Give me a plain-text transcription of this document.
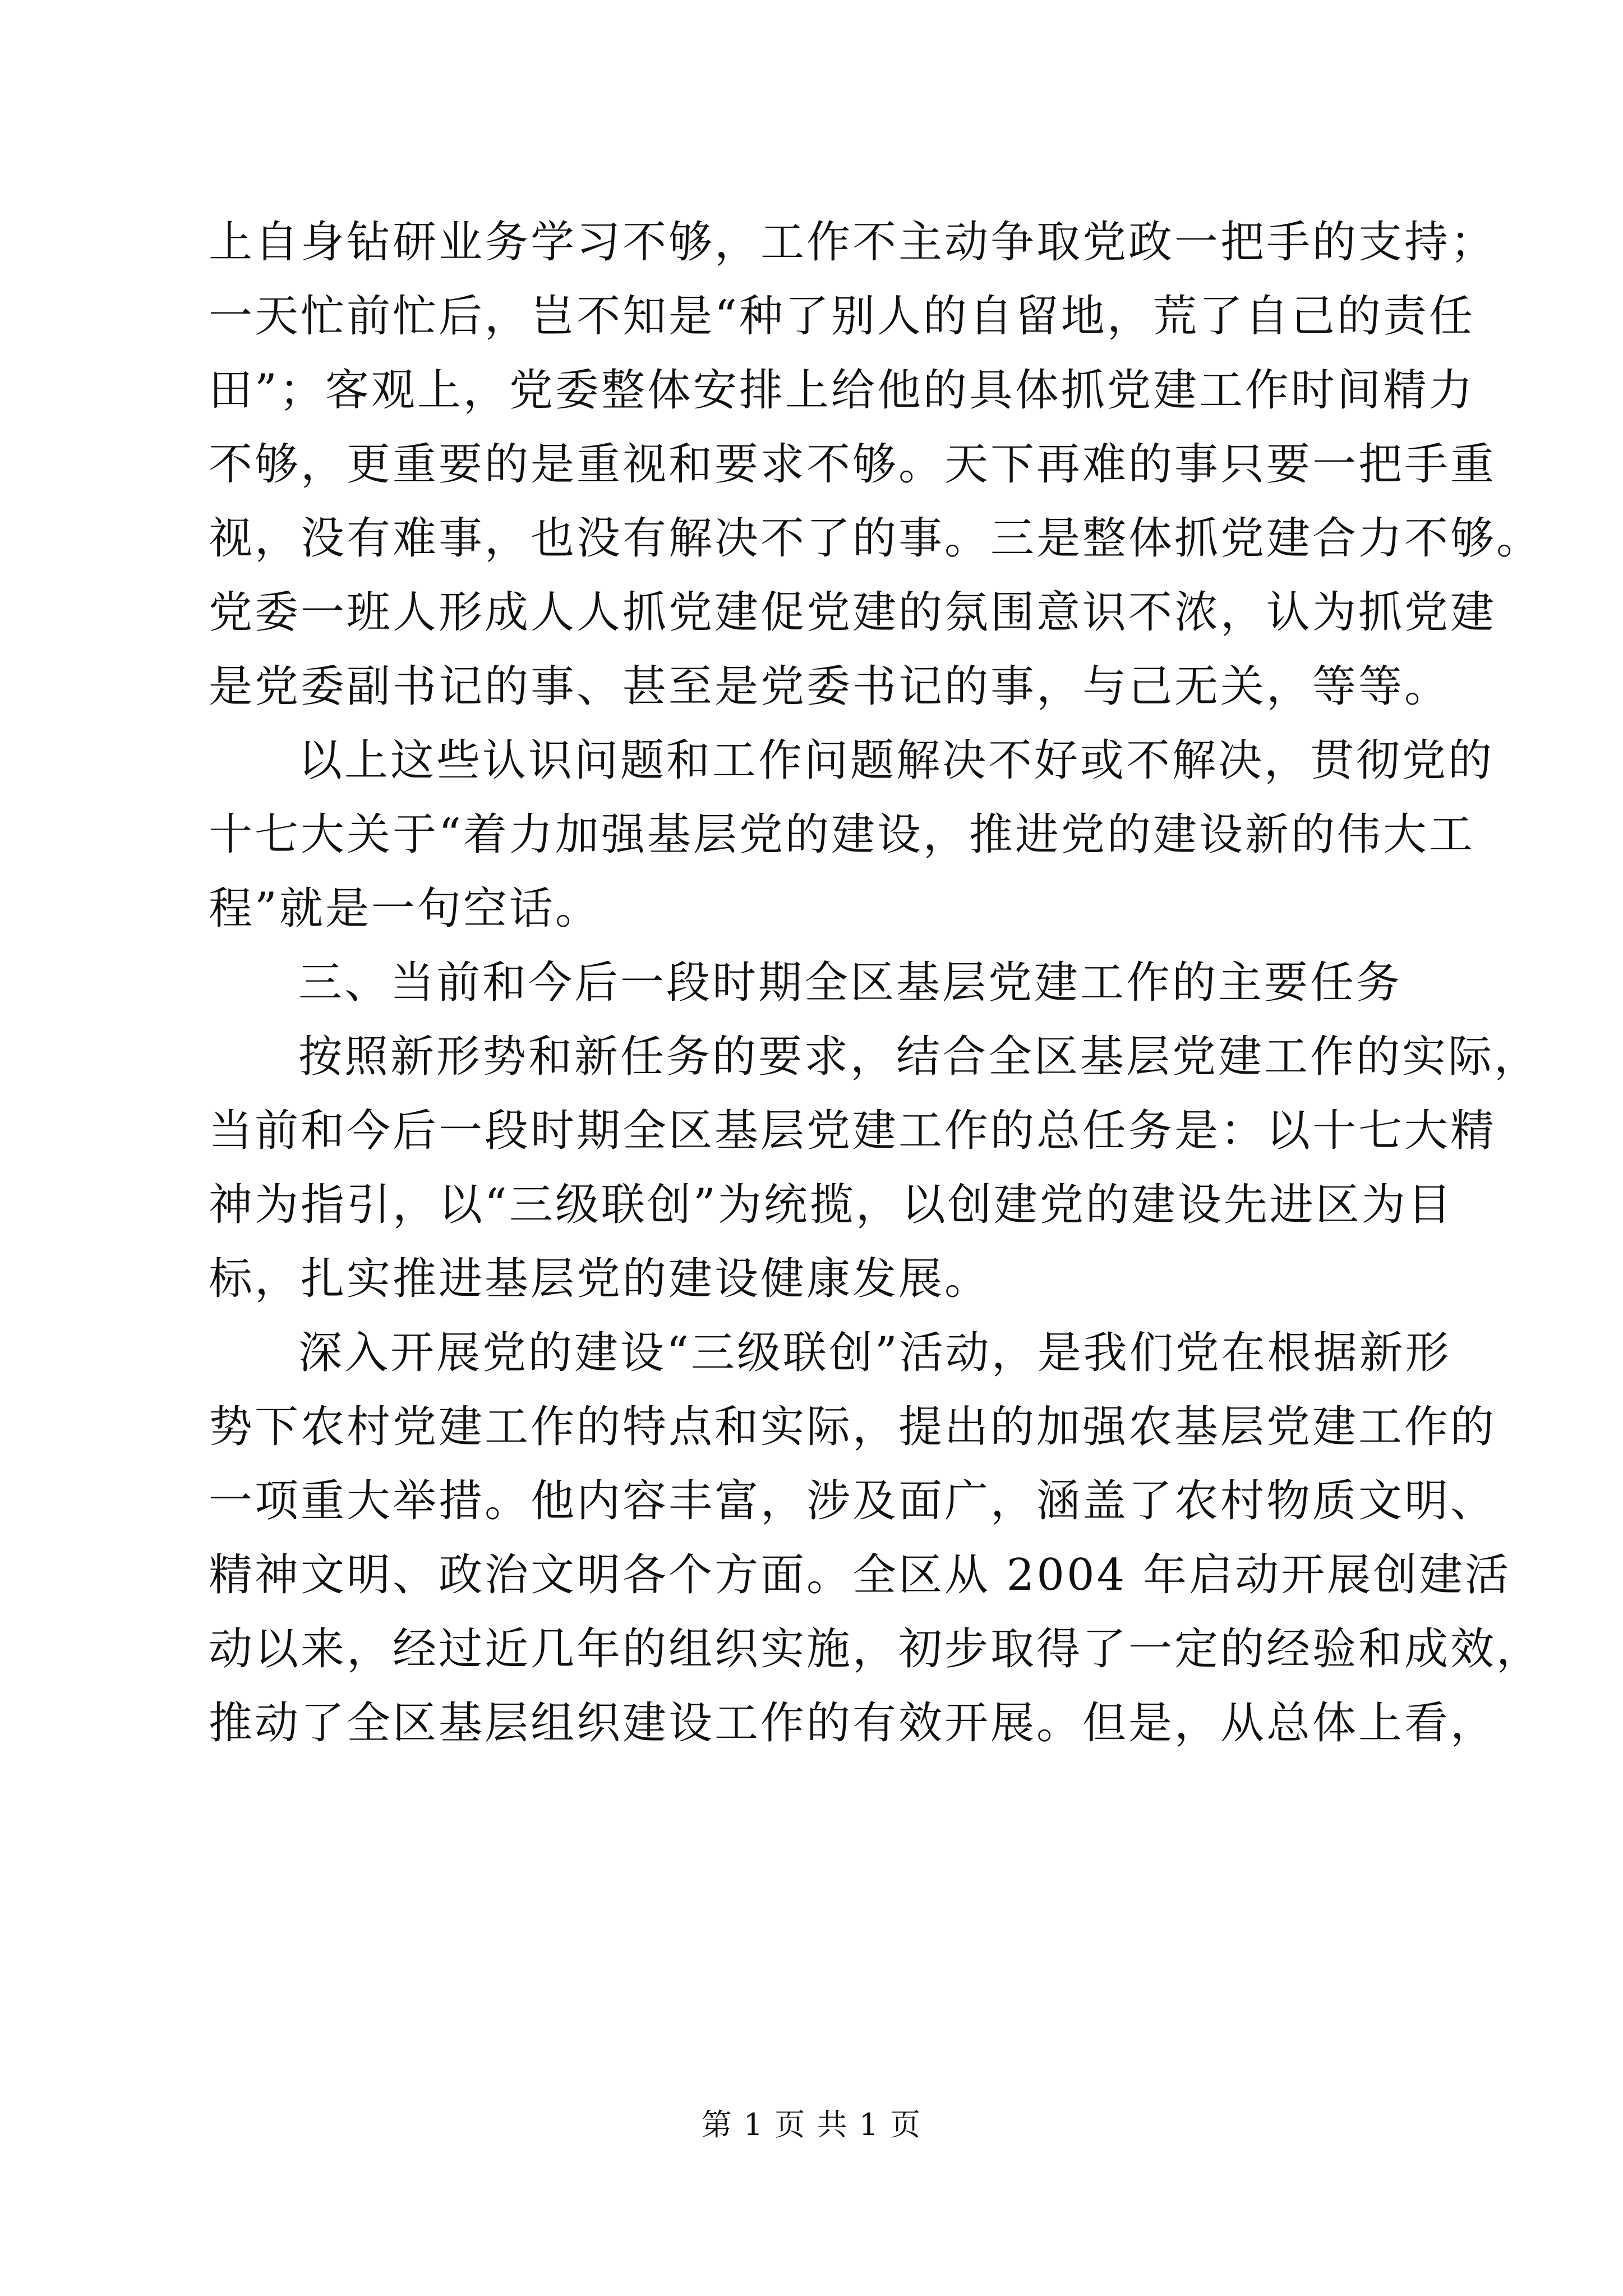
上自身钻研业务学习不够，工作不主动争取党政一把手的支持；
一天忙前忙后，岂不知是“种了别人的自留地，荒了自己的责任
田”；客观上，党委整体安排上给他的具体抓党建工作时间精力
不够，更重要的是重视和要求不够。天下再难的事只要一把手重
视，没有难事，也没有解决不了的事。三是整体抓党建合力不够。
党委一班人形成人人抓党建促党建的氛围意识不浓，认为抓党建
是党委副书记的事、甚至是党委书记的事，与己无关，等等。
以上这些认识问题和工作问题解决不好或不解决，贯彻党的
十七大关于“着力加强基层党的建设，推进党的建设新的伟大工
程”就是一句空话。
三、当前和今后一段时期全区基层党建工作的主要任务
按照新形势和新任务的要求，结合全区基层党建工作的实际，
当前和今后一段时期全区基层党建工作的总任务是：以十七大精
神为指引，以“三级联创”为统揽，以创建党的建设先进区为目
标，扎实推进基层党的建设健康发展。
深入开展党的建设“三级联创”活动，是我们党在根据新形
势下农村党建工作的特点和实际，提出的加强农基层党建工作的
一项重大举措。他内容丰富，涉及面广，涵盖了农村物质文明、
精神文明、政治文明各个方面。全区从 2004 年启动开展创建活
动以来，经过近几年的组织实施，初步取得了一定的经验和成效，
推动了全区基层组织建设工作的有效开展。但是，从总体上看，
第 1 页 共 1 页
